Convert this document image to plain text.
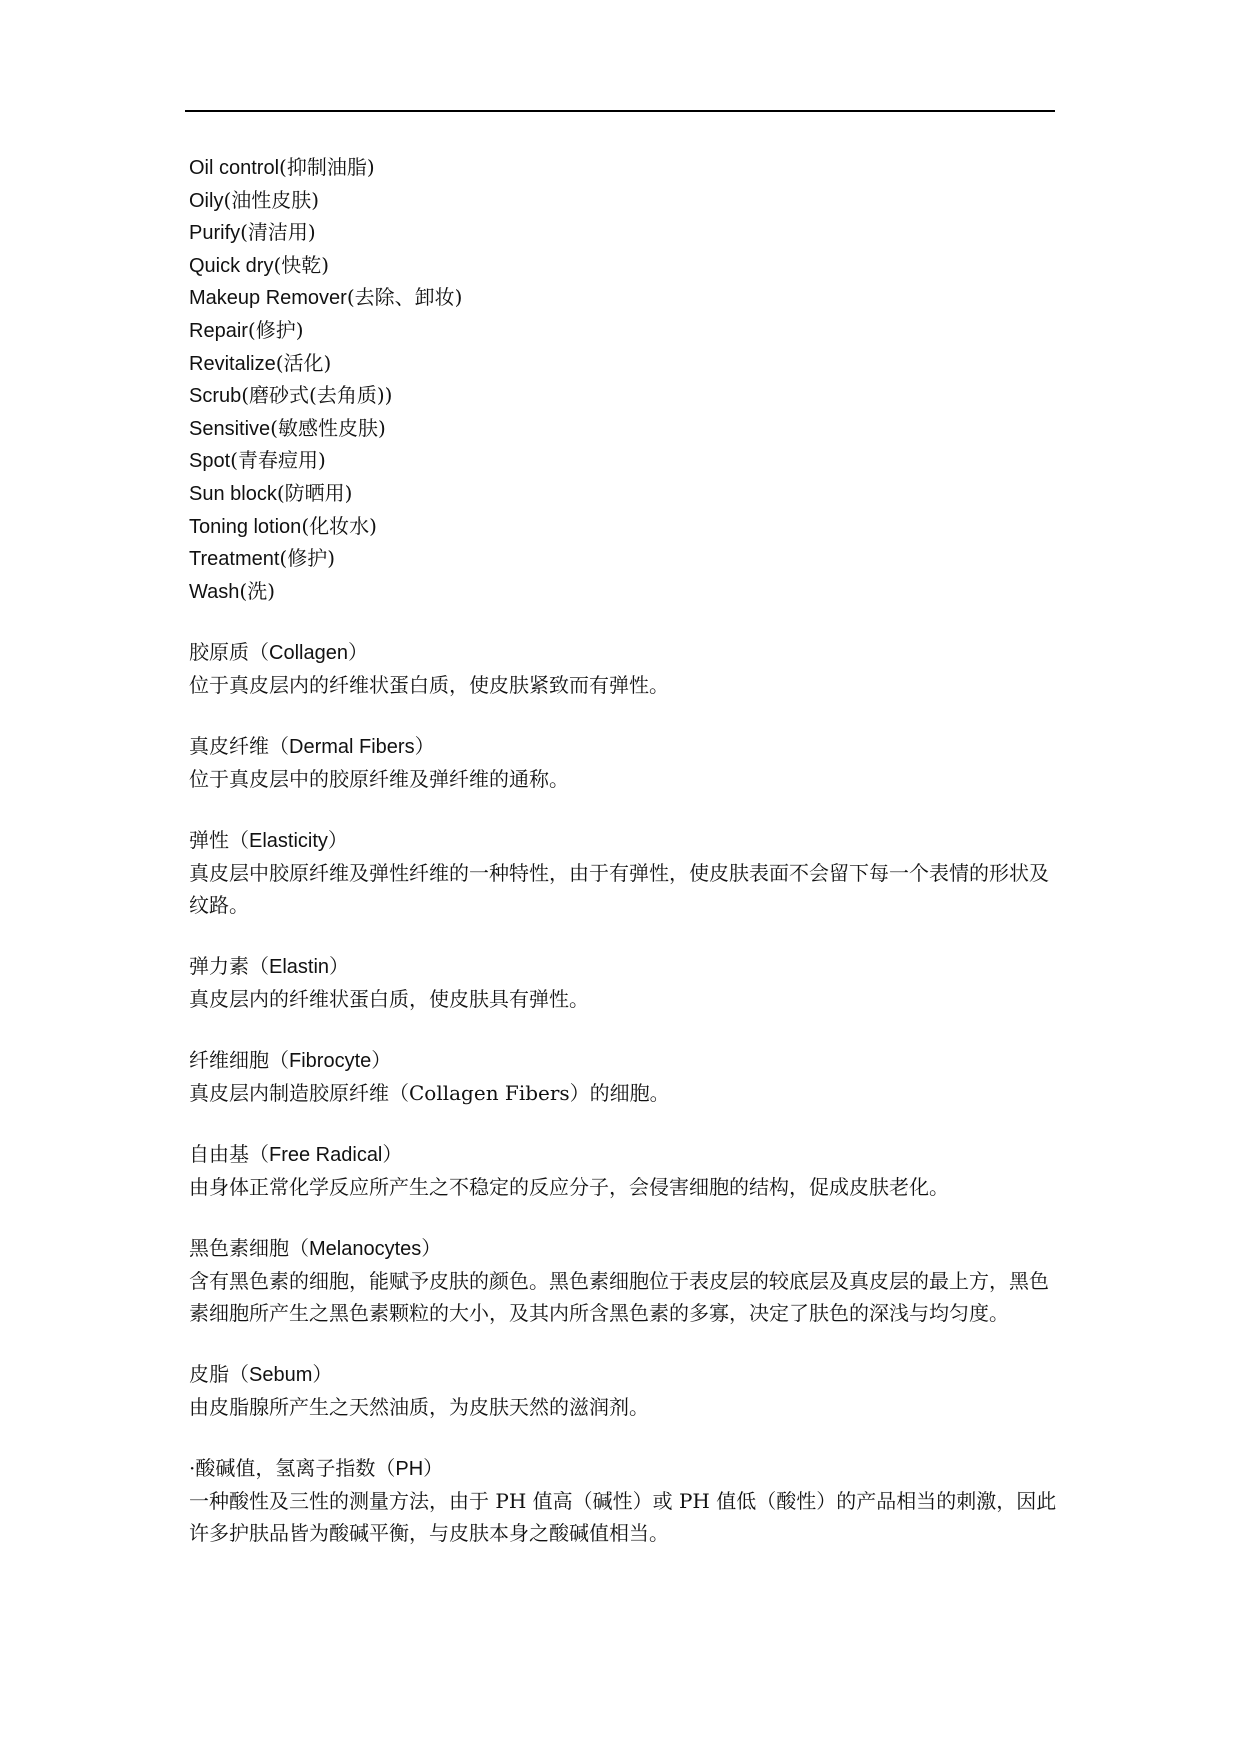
Oil control(抑制油脂)
Oily(油性皮肤)
Purify(清洁用)
Quick dry(快乾)
Makeup Remover(去除、卸妆)
Repair(修护)
Revitalize(活化)
Scrub(磨砂式(去角质))
Sensitive(敏感性皮肤)
Spot(青春痘用)
Sun block(防晒用)
Toning lotion(化妆水)
Treatment(修护)
Wash(洗)
胶原质（Collagen）

位于真皮层内的纤维状蛋白质，使皮肤紧致而有弹性。

真皮纤维（Dermal Fibers）

位于真皮层中的胶原纤维及弹纤维的通称。

弹性（Elasticity）

真皮层中胶原纤维及弹性纤维的一种特性，由于有弹性，使皮肤表面不会留下每一个表情的形状及纹路。

弹力素（Elastin）

真皮层内的纤维状蛋白质，使皮肤具有弹性。

纤维细胞（Fibrocyte）

真皮层内制造胶原纤维（Collagen Fibers）的细胞。

自由基（Free Radical）

由身体正常化学反应所产生之不稳定的反应分子，会侵害细胞的结构，促成皮肤老化。

黑色素细胞（Melanocytes）

含有黑色素的细胞，能赋予皮肤的颜色。黑色素细胞位于表皮层的较底层及真皮层的最上方，黑色素细胞所产生之黑色素颗粒的大小，及其内所含黑色素的多寡，决定了肤色的深浅与均匀度。

皮脂（Sebum）

由皮脂腺所产生之天然油质，为皮肤天然的滋润剂。

·酸碱值，氢离子指数（PH）

一种酸性及三性的测量方法，由于 PH 值高（碱性）或 PH 值低（酸性）的产品相当的刺激，因此许多护肤品皆为酸碱平衡，与皮肤本身之酸碱值相当。
